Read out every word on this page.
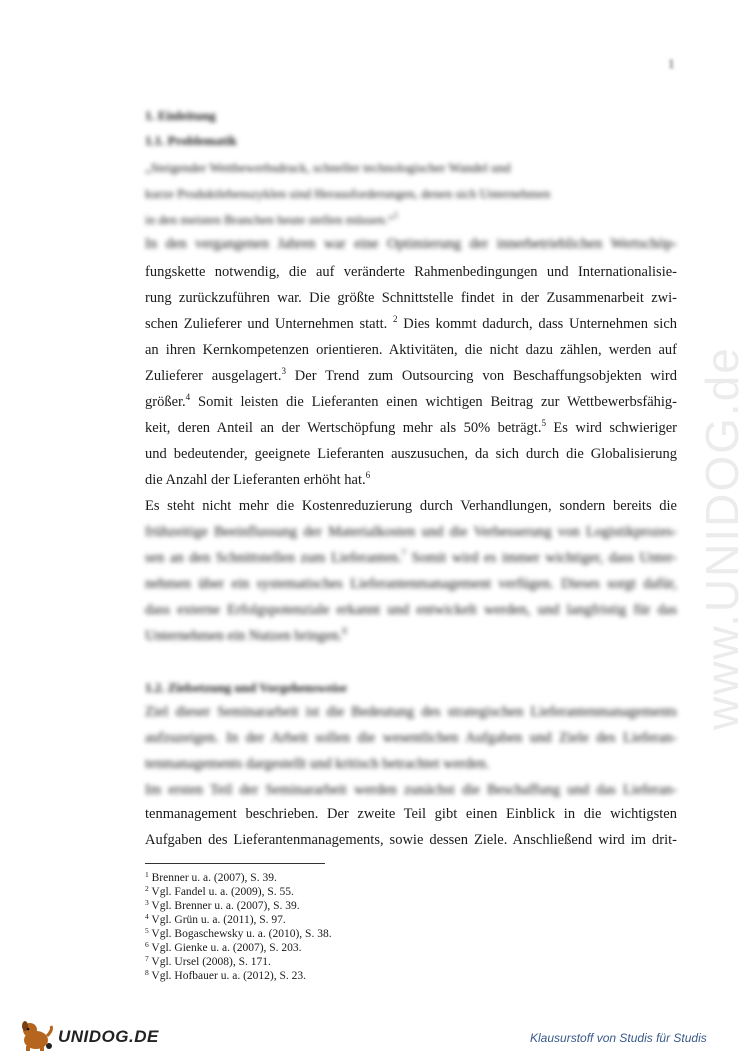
www.UNIDOG.de
1
1. Einleitung
1.1. Problematik
„Steigender Wettbewerbsdruck, schneller technologischer Wandel und
kurze Produktlebenszyklen sind Herausforderungen, denen sich Unternehmen
in den meisten Branchen heute stellen müssen.“$^1$
In den vergangenen Jahren war eine Optimierung der innerbetrieblichen Wertschöp-
fungskette notwendig, die auf veränderte Rahmenbedingungen und Internationalisie-
rung zurückzuführen war. Die größte Schnittstelle findet in der Zusammenarbeit zwi-
schen Zulieferer und Unternehmen statt. $^2$ Dies kommt dadurch, dass Unternehmen sich
an ihren Kernkompetenzen orientieren. Aktivitäten, die nicht dazu zählen, werden auf
Zulieferer ausgelagert.$^3$ Der Trend zum Outsourcing von Beschaffungsobjekten wird
größer.$^4$ Somit leisten die Lieferanten einen wichtigen Beitrag zur Wettbewerbsfähig-
keit, deren Anteil an der Wertschöpfung mehr als 50% beträgt.$^5$ Es wird schwieriger
und bedeutender, geeignete Lieferanten auszusuchen, da sich durch die Globalisierung
die Anzahl der Lieferanten erhöht hat.$^6$
Es steht nicht mehr die Kostenreduzierung durch Verhandlungen, sondern bereits die
frühzeitige Beeinflussung der Materialkosten und die Verbesserung von Logistikprozes-
sen an den Schnittstellen zum Lieferanten.$^7$ Somit wird es immer wichtiger, dass Unter-
nehmen über ein systematisches Lieferantenmanagement verfügen. Dieses sorgt dafür,
dass externe Erfolgspotenziale erkannt und entwickelt werden, und langfristig für das
Unternehmen ein Nutzen bringen.$^8$
1.2. Zielsetzung und Vorgehensweise
Ziel dieser Seminararbeit ist die Bedeutung des strategischen Lieferantenmanagements
aufzuzeigen. In der Arbeit sollen die wesentlichen Aufgaben und Ziele des Lieferan-
tenmanagements dargestellt und kritisch betrachtet werden.
Im ersten Teil der Seminararbeit werden zunächst die Beschaffung und das Lieferan-
tenmanagement beschrieben. Der zweite Teil gibt einen Einblick in die wichtigsten
Aufgaben des Lieferantenmanagements, sowie dessen Ziele. Anschließend wird im drit-
$^1$ Brenner u. a. (2007), S. 39.
$^2$ Vgl. Fandel u. a. (2009), S. 55.
$^3$ Vgl. Brenner u. a. (2007), S. 39.
$^4$ Vgl. Grün u. a. (2011), S. 97.
$^5$ Vgl. Bogaschewsky u. a. (2010), S. 38.
$^6$ Vgl. Gienke u. a. (2007), S. 203.
$^7$ Vgl. Ursel (2008), S. 171.
$^8$ Vgl. Hofbauer u. a. (2012), S. 23.
UNIDOG.DE	Klausurstoff von Studis für Studis
